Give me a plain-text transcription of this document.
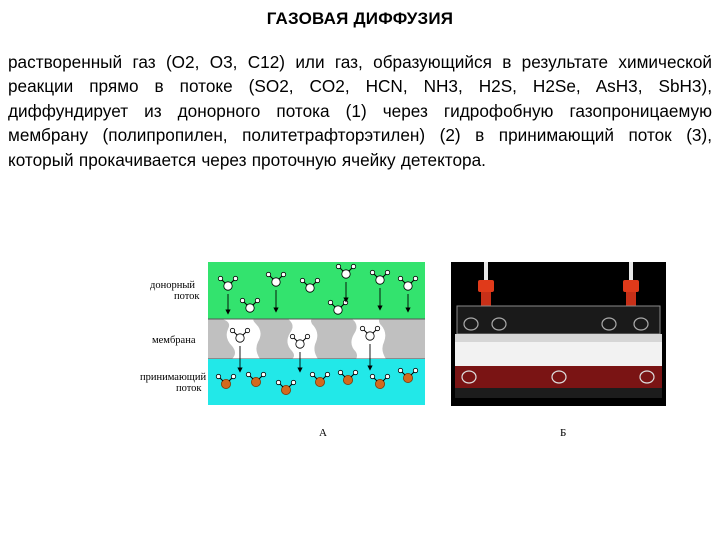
ГАЗОВАЯ ДИФФУЗИЯ
растворенный газ (O2, O3, C12) или газ, образующийся в результате химической реакции прямо в потоке (SO2, CO2, HCN, NH3, H2S, H2Se, AsH3, SbH3), диффундирует из донорного потока (1) через гидрофобную газопроницаемую мембрану (полипропилен, политетрафторэтилен) (2) в принимающий поток (3), который прокачивается через проточную ячейку детектора.
донорный
поток
мембрана
принимающий
поток
А	Б
